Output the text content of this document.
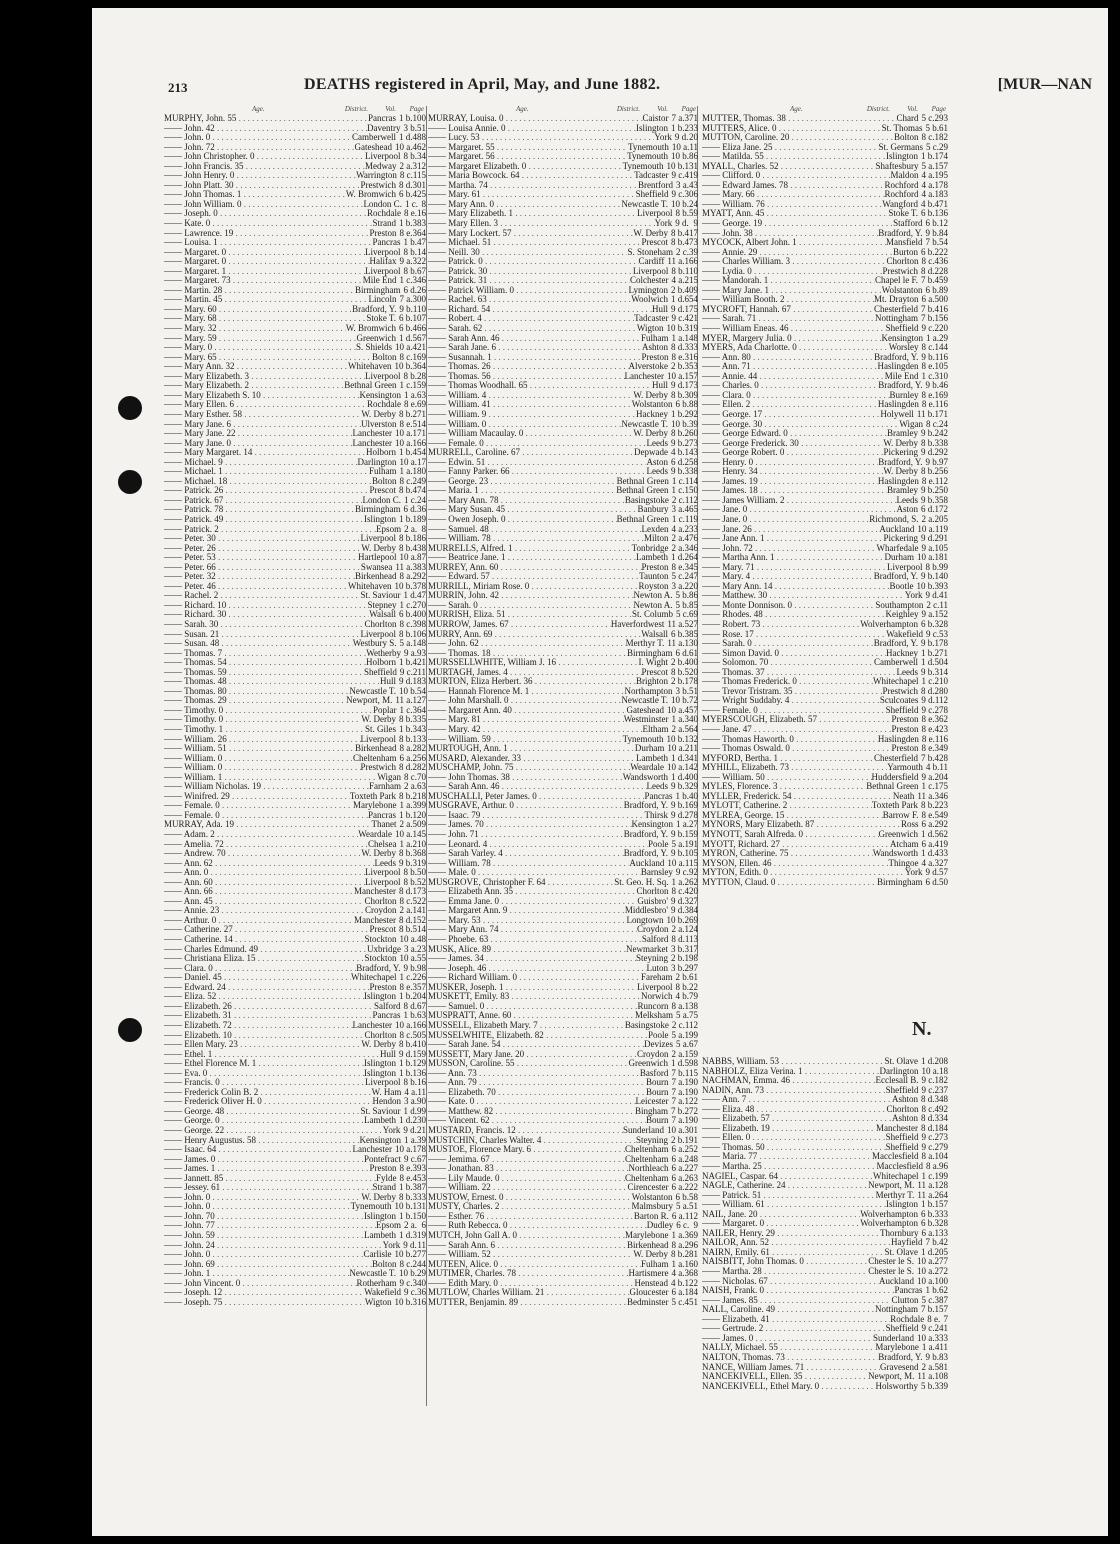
213	DEATHS registered in April, May, and June 1882.	[MUR—NAN
Age.	District. Vol. Page
MURPHY, John. 55 . . .	Pancras 1 b. 100
—— John. 42 . . .	Daventry 3 b. 51
—— John. 0 . . .	Camberwell 1 d. 488
—— John. 72 . . .	Gateshead 10 a. 462
—— John Christopher. 0 . . .	Liverpool 8 b. 34
—— John Francis. 35 . . .	Medway 2 a. 312
—— John Henry. 0 . . .	Warrington 8 c. 115
—— John Platt. 30 . . .	Prestwich 8 d. 301
—— John Thomas. 1 . . .	W. Bromwich 6 b. 425
—— John William. 0 . . .	London C. 1 c. 8
—— Joseph. 0 . . .	Rochdale 8 e. 16
—— Kate. 0 . . .	Strand 1 b. 383
—— Lawrence. 19 . . .	Preston 8 e. 364
—— Louisa. 1 . . .	Pancras 1 b. 47
—— Margaret. 0 . . .	Liverpool 8 b. 14
—— Margaret. 0 . . .	Halifax 9 a. 322
—— Margaret. 1 . . .	Liverpool 8 b. 67
—— Margaret. 73 . . .	Mile End 1 c. 346
—— Martin. 28 . . .	Birmingham 6 d. 26
—— Martin. 45 . . .	Lincoln 7 a. 300
—— Mary. 60 . . .	Bradford, Y. 9 b. 110
—— Mary. 68 . . .	Stoke T. 6 b. 107
—— Mary. 32 . . .	W. Bromwich 6 b. 466
—— Mary. 59 . . .	Greenwich 1 d. 567
—— Mary. 0 . . .	S. Shields 10 a. 421
—— Mary. 65 . . .	Bolton 8 c. 169
—— Mary Ann. 32 . . .	Whitehaven 10 b. 364
—— Mary Elizabeth. 3 . . .	Liverpool 8 b. 28
—— Mary Elizabeth. 2 . . .	Bethnal Green 1 c. 159
—— Mary Elizabeth S. 10 . . .	Kensington 1 a. 63
—— Mary Ellen. 6 . . .	Rochdale 8 e. 69
—— Mary Esther. 58 . . .	W. Derby 8 b. 271
—— Mary Jane. 6 . . .	Ulverston 8 e. 514
—— Mary Jane. 22 . . .	Lanchester 10 a. 171
—— Mary Jane. 0 . . .	Lanchester 10 a. 166
—— Mary Margaret. 14 . . .	Holborn 1 b. 454
—— Michael. 9 . . .	Darlington 10 a. 17
—— Michael. 1 . . .	Fulham 1 a. 180
—— Michael. 18 . . .	Bolton 8 c. 249
—— Patrick. 26 . . .	Prescot 8 b. 474
—— Patrick. 67 . . .	London C. 1 c. 24
—— Patrick. 78 . . .	Birmingham 6 d. 36
—— Patrick. 49 . . .	Islington 1 b. 189
—— Patrick. 2 . . .	Epsom 2 a. 8
—— Peter. 30 . . .	Liverpool 8 b. 186
—— Peter. 26 . . .	W. Derby 8 b. 438
—— Peter. 53 . . .	Hartlepool 10 a. 87
—— Peter. 66 . . .	Swansea 11 a. 383
—— Peter. 32 . . .	Birkenhead 8 a. 292
—— Peter. 46 . . .	Whitehaven 10 b. 378
—— Rachel. 2 . . .	St. Saviour 1 d. 47
—— Richard. 10 . . .	Stepney 1 c. 270
—— Richard. 30 . . .	Walsall 6 b. 400
—— Sarah. 30 . . .	Chorlton 8 c. 398
—— Susan. 21 . . .	Liverpool 8 b. 106
—— Susan. 48 . . .	Westbury S. 5 a. 148
—— Thomas. 7 . . .	Wetherby 9 a. 93
—— Thomas. 54 . . .	Holborn 1 b. 421
—— Thomas. 59 . . .	Sheffield 9 c. 211
—— Thomas. 48 . . .	Hull 9 d. 183
—— Thomas. 80 . . .	Newcastle T. 10 b. 54
—— Thomas. 29 . . .	Newport, M. 11 a. 127
—— Timothy. 0 . . .	Poplar 1 c. 364
—— Timothy. 0 . . .	W. Derby 8 b. 335
—— Timothy. 1 . . .	St. Giles 1 b. 343
—— William. 26 . . .	Liverpool 8 b. 133
—— William. 51 . . .	Birkenhead 8 a. 282
—— William. 0 . . .	Cheltenham 6 a. 256
—— William. 0 . . .	Prestwich 8 d. 282
—— William. 1 . . .	Wigan 8 c. 70
—— William Nicholas. 19 . . .	Farnham 2 a. 63
—— Winifred. 29 . . .	Toxteth Park 8 b. 218
—— Female. 0 . . .	Marylebone 1 a. 399
—— Female. 0 . . .	Pancras 1 b. 120
MURRAY, Ada. 19 . . .	Thanet 2 a. 509
—— Adam. 2 . . .	Weardale 10 a. 145
—— Amelia. 72 . . .	Chelsea 1 a. 210
—— Andrew. 70 . . .	W. Derby 8 b. 368
—— Ann. 62 . . .	Leeds 9 b. 319
—— Ann. 0 . . .	Liverpool 8 b. 50
—— Ann. 60 . . .	Liverpool 8 b. 52
—— Ann. 66 . . .	Manchester 8 d. 173
—— Ann. 45 . . .	Chorlton 8 c. 522
—— Annie. 23 . . .	Croydon 2 a. 141
—— Arthur. 0 . . .	Manchester 8 d. 152
—— Catherine. 27 . . .	Prescot 8 b. 514
—— Catherine. 14 . . .	Stockton 10 a. 48
—— Charles Edmund. 49 . . .	Uxbridge 3 a. 23
—— Christiana Eliza. 15 . . .	Stockton 10 a. 55
—— Clara. 0 . . .	Bradford, Y. 9 b. 98
—— Daniel. 45 . . .	Whitechapel 1 c. 226
—— Edward. 24 . . .	Preston 8 e. 357
—— Eliza. 52 . . .	Islington 1 b. 204
—— Elizabeth. 26 . . .	Salford 8 d. 67
—— Elizabeth. 31 . . .	Pancras 1 b. 63
—— Elizabeth. 72 . . .	Lanchester 10 a. 166
—— Elizabeth. 10 . . .	Chorlton 8 c. 505
—— Ellen Mary. 23 . . .	W. Derby 8 b. 410
—— Ethel. 1 . . .	Hull 9 d. 159
—— Ethel Florence M. 1 . . .	Islington 1 b. 129
—— Eva. 0 . . .	Islington 1 b. 136
—— Francis. 0 . . .	Liverpool 8 b. 16
—— Frederick Colin B. 2 . . .	W. Ham 4 a. 11
—— Frederick Oliver H. 0 . . .	Hendon 3 a. 90
—— George. 48 . . .	St. Saviour 1 d. 99
—— George. 0 . . .	Lambeth 1 d. 230
—— George. 22 . . .	York 9 d. 21
—— Henry Augustus. 58 . . .	Kensington 1 a. 39
—— Isaac. 64 . . .	Lanchester 10 a. 178
—— James. 0 . . .	Pontefract 9 c. 67
—— James. 1 . . .	Preston 8 e. 393
—— Jannett. 85 . . .	Fylde 8 e. 453
—— Jessey. 61 . . .	Strand 1 b. 387
—— John. 0 . . .	W. Derby 8 b. 333
—— John. 0 . . .	Tynemouth 10 b. 131
—— John. 70 . . .	Islington 1 b. 150
—— John. 77 . . .	Epsom 2 a. 6
—— John. 59 . . .	Lambeth 1 d. 319
—— John. 24 . . .	York 9 d. 11
—— John. 0 . . .	Carlisle 10 b. 277
—— John. 69 . . .	Bolton 8 c. 244
—— John. 1 . . .	Newcastle T. 10 b. 29
—— John Vincent. 0 . . .	Rotherham 9 c. 340
—— Joseph. 12 . . .	Wakefield 9 c. 36
—— Joseph. 75 . . .	Wigton 10 b. 316
Age.	District. Vol. Page
MURRAY, Louisa. 0 . . .	Caistor 7 a. 371
—— Louisa Annie. 0 . . .	Islington 1 b. 233
—— Lucy. 53 . . .	York 9 d. 20
—— Margaret. 55 . . .	Tynemouth 10 a. 11
—— Margaret. 56 . . .	Tynemouth 10 b. 86
—— Margaret Elizabeth. 0 . . .	Tynemouth 10 b. 131
—— Maria Bowcock. 64 . . .	Tadcaster 9 c. 419
—— Martha. 74 . . .	Brentford 3 a. 43
—— Mary. 61 . . .	Sheffield 9 c. 306
—— Mary Ann. 0 . . .	Newcastle T. 10 b. 24
—— Mary Elizabeth. 1 . . .	Liverpool 8 b. 59
—— Mary Ellen. 3 . . .	York 9 d. 9
—— Mary Lockert. 57 . . .	W. Derby 8 b. 417
—— Michael. 51 . . .	Prescot 8 b. 473
—— Neill. 30 . . .	S. Stoneham 2 c. 39
—— Patrick. 0 . . .	Cardiff 11 a. 166
—— Patrick. 30 . . .	Liverpool 8 b. 110
—— Patrick. 31 . . .	Colchester 4 a. 215
—— Patrick William. 0 . . .	Lymington 2 b. 409
—— Rachel. 63 . . .	Woolwich 1 d. 654
—— Richard. 54 . . .	Hull 9 d. 175
—— Robert. 4 . . .	Tadcaster 9 c. 421
—— Sarah. 62 . . .	Wigton 10 b. 319
—— Sarah Ann. 46 . . .	Fulham 1 a. 148
—— Sarah Jane. 6 . . .	Ashton 8 d. 333
—— Susannah. 1 . . .	Preston 8 e. 316
—— Thomas. 26 . . .	Alverstoke 2 b. 353
—— Thomas. 56 . . .	Lanchester 10 a. 157
—— Thomas Woodhall. 65 . . .	Hull 9 d. 173
—— William. 4 . . .	W. Derby 8 b. 309
—— William. 41 . . .	Wolstanton 6 b. 88
—— William. 9 . . .	Hackney 1 b. 292
—— William. 0 . . .	Newcastle T. 10 b. 39
—— William Macaulay. 0 . . .	W. Derby 8 b. 260
—— Female. 0 . . .	Leeds 9 b. 273
MURRELL, Caroline. 67 . . .	Depwade 4 b. 143
—— Edwin. 51 . . .	Aston 6 d. 258
—— Fanny Parker. 66 . . .	Leeds 9 b. 338
—— George. 23 . . .	Bethnal Green 1 c. 114
—— Maria. 1 . . .	Bethnal Green 1 c. 150
—— Mary Ann. 78 . . .	Basingstoke 2 c. 112
—— Mary Susan. 45 . . .	Banbury 3 a. 465
—— Owen Joseph. 0 . . .	Bethnal Green 1 c. 119
—— Samuel. 48 . . .	Lexden 4 a. 233
—— William. 78 . . .	Milton 2 a. 476
MURRELLS, Alfred. 1 . . .	Tonbridge 2 a. 346
—— Beatrice Jane. 1 . . .	Lambeth 1 d. 264
MURREY, Ann. 60 . . .	Preston 8 e. 345
—— Edward. 57 . . .	Taunton 5 c. 247
MURRILL, Miriam Rose. 0 . . .	Royston 3 a. 220
MURRIN, John. 42 . . .	Newton A. 5 b. 86
—— Sarah. 0 . . .	Newton A. 5 b. 85
MURRISH, Eliza. 51 . . .	St. Columb 5 c. 69
MURROW, James. 67 . . .	Haverfordwest 11 a. 527
MURRY, Ann. 69 . . .	Walsall 6 b. 385
—— John. 62 . . .	Merthyr T. 11 a. 130
—— Thomas. 18 . . .	Birmingham 6 d. 61
MURSSELLWHITE, William J. 16 . . .	I. Wight 2 b. 400
MURTAGH, James. 4 . . .	Prescot 8 b. 520
MURTON, Eliza Herbert. 36 . . .	Brighton 2 b. 178
—— Hannah Florence M. 1 . . .	Northampton 3 b. 51
—— John Marshall. 0 . . .	Newcastle T. 10 b. 72
—— Margaret Ann. 40 . . .	Gateshead 10 a. 457
—— Mary. 81 . . .	Westminster 1 a. 340
—— Mary. 42 . . .	Eltham 2 a. 564
—— William. 59 . . .	Tynemouth 10 b. 132
MURTOUGH, Ann. 1 . . .	Durham 10 a. 211
MUSARD, Alexander. 33 . . .	Lambeth 1 d. 341
MUSCHAMP, John. 75 . . .	Weardale 10 a. 142
—— John Thomas. 38 . . .	Wandsworth 1 d. 400
—— Sarah Ann. 46 . . .	Leeds 9 b. 329
MUSCHALLI, Peter James. 0 . . .	Pancras 1 b. 40
MUSGRAVE, Arthur. 0 . . .	Bradford, Y. 9 b. 169
—— Isaac. 79 . . .	Thirsk 9 d. 278
—— James. 70 . . .	Kensington 1 a. 27
—— John. 71 . . .	Bradford, Y. 9 b. 159
—— Leonard. 4 . . .	Poole 5 a. 191
—— Sarah Varley. 4 . . .	Bradford, Y. 9 b. 105
—— William. 78 . . .	Auckland 10 a. 115
—— Male. 0 . . .	Barnsley 9 c. 92
MUSGROVE, Christopher F. 64 . . .	St. Geo. H. Sq. 1 a. 262
—— Elizabeth Ann. 35 . . .	Chorlton 8 c. 420
—— Emma Jane. 0 . . .	Guisbro' 9 d. 327
—— Margaret Ann. 9 . . .	Middlesbro' 9 d. 384
—— Mary. 53 . . .	Longtown 10 b. 269
—— Mary Ann. 74 . . .	Croydon 2 a. 124
—— Phoebe. 63 . . .	Salford 8 d. 113
MUSK, Alice. 89 . . .	Newmarket 3 b. 317
—— James. 34 . . .	Steyning 2 b. 198
—— Joseph. 46 . . .	Luton 3 b. 297
—— Richard William. 0 . . .	Fareham 2 b. 61
MUSKER, Joseph. 1 . . .	Liverpool 8 b. 22
MUSKETT, Emily. 83 . . .	Norwich 4 b. 79
—— Samuel. 0 . . .	Runcorn 8 a. 138
MUSPRATT, Anne. 60 . . .	Melksham 5 a. 75
MUSSELL, Elizabeth Mary. 7 . . .	Basingstoke 2 c. 112
MUSSELWHITE, Elizabeth. 82 . . .	Poole 5 a. 199
—— Sarah Jane. 54 . . .	Devizes 5 a. 67
MUSSETT, Mary Jane. 20 . . .	Croydon 2 a. 159
MUSSON, Caroline. 55 . . .	Greenwich 1 d. 598
—— Ann. 73 . . .	Basford 7 b. 115
—— Ann. 79 . . .	Bourn 7 a. 190
—— Elizabeth. 70 . . .	Bourn 7 a. 190
—— Kate. 0 . . .	Leicester 7 a. 122
—— Matthew. 82 . . .	Bingham 7 b. 272
—— Vincent. 62 . . .	Bourn 7 a. 190
MUSTARD, Francis. 12 . . .	Sunderland 10 a. 301
MUSTCHIN, Charles Walter. 4 . . .	Steyning 2 b. 191
MUSTOE, Florence Mary. 6 . . .	Cheltenham 6 a. 252
—— Jemima. 67 . . .	Cheltenham 6 a. 248
—— Jonathan. 83 . . .	Northleach 6 a. 227
—— Lily Maude. 0 . . .	Cheltenham 6 a. 263
—— William. 22 . . .	Cirencester 6 a. 222
MUSTOW, Ernest. 0 . . .	Wolstanton 6 b. 58
MUSTY, Charles. 2 . . .	Malmsbury 5 a. 51
—— Esther. 76 . . .	Barton R. 6 a. 112
—— Ruth Rebecca. 0 . . .	Dudley 6 c. 9
MUTCH, John Gall A. 0 . . .	Marylebone 1 a. 369
—— Sarah Ann. 6 . . .	Birkenhead 8 a. 296
—— William. 52 . . .	W. Derby 8 b. 281
MUTEEN, Alice. 0 . . .	Fulham 1 a. 160
MUTIMER, Charles. 78 . . .	Hartismere 4 a. 368
—— Edith Mary. 0 . . .	Henstead 4 b. 122
MUTLOW, Charles William. 21 . . .	Gloucester 6 a. 184
MUTTER, Benjamin. 89 . . .	Bedminster 5 c. 451
Age.	District. Vol. Page
MUTTER, Thomas. 38 . . .	Chard 5 c. 293
MUTTERS, Alice. 0 . . .	St. Thomas 5 b. 61
MUTTON, Caroline. 20 . . .	Bolton 8 c. 182
—— Eliza Jane. 25 . . .	St. Germans 5 c. 29
—— Matilda. 55 . . .	Islington 1 b. 174
MYALL, Charles. 52 . . .	Shaftesbury 5 a. 157
—— Clifford. 0 . . .	Maldon 4 a. 195
—— Edward James. 78 . . .	Rochford 4 a. 178
—— Mary. 66 . . .	Rochford 4 a. 183
—— William. 76 . . .	Wangford 4 b. 471
MYATT, Ann. 45 . . .	Stoke T. 6 b. 136
—— George. 19 . . .	Stafford 6 b. 12
—— John. 38 . . .	Bradford, Y. 9 b. 84
MYCOCK, Albert John. 1 . . .	Mansfield 7 b. 54
—— Annie. 29 . . .	Burton 6 b. 222
—— Charles William. 3 . . .	Chorlton 8 c. 436
—— Lydia. 0 . . .	Prestwich 8 d. 228
—— Mandorah. 1 . . .	Chapel le F. 7 b. 459
—— Mary Jane. 1 . . .	Wolstanton 6 b. 89
—— William Booth. 2 . . .	Mt. Drayton 6 a. 500
MYCROFT, Hannah. 67 . . .	Chesterfield 7 b. 416
—— Sarah. 71 . . .	Nottingham 7 b. 156
—— William Eneas. 46 . . .	Sheffield 9 c. 220
MYER, Margery Julia. 0 . . .	Kensington 1 a. 29
MYERS, Ada Charlotte. 0 . . .	Worsley 8 c. 144
—— Ann. 80 . . .	Bradford, Y. 9 b. 116
—— Ann. 71 . . .	Haslingden 8 e. 105
—— Annie. 44 . . .	Mile End 1 c. 310
—— Charles. 0 . . .	Bradford, Y. 9 b. 46
—— Clara. 0 . . .	Burnley 8 e. 169
—— Ellen. 2 . . .	Haslingden 8 e. 116
—— George. 17 . . .	Holywell 11 b. 171
—— George. 30 . . .	Wigan 8 c. 24
—— George Edward. 0 . . .	Bramley 9 b. 242
—— George Frederick. 30 . . .	W. Derby 8 b. 338
—— George Robert. 0 . . .	Pickering 9 d. 292
—— Henry. 0 . . .	Bradford, Y. 9 b. 97
—— Henry. 34 . . .	W. Derby 8 b. 256
—— James. 19 . . .	Haslingden 8 e. 112
—— James. 18 . . .	Bramley 9 b. 250
—— James William. 2 . . .	Leeds 9 b. 358
—— Jane. 0 . . .	Aston 6 d. 172
—— Jane. 0 . . .	Richmond, S. 2 a. 205
—— Jane. 26 . . .	Auckland 10 a. 119
—— Jane Ann. 1 . . .	Pickering 9 d. 291
—— John. 72 . . .	Wharfedale 9 a. 105
—— Martha Ann. 1 . . .	Durham 10 a. 181
—— Mary. 71 . . .	Liverpool 8 b. 99
—— Mary. 4 . . .	Bradford, Y. 9 b. 140
—— Mary Ann. 14 . . .	Bootle 10 b. 393
—— Matthew. 30 . . .	York 9 d. 41
—— Monte Donnison. 0 . . .	Southampton 2 c. 11
—— Rhodes. 48 . . .	Keighley 9 a. 152
—— Robert. 73 . . .	Wolverhampton 6 b. 328
—— Rose. 17 . . .	Wakefield 9 c. 53
—— Sarah. 0 . . .	Bradford, Y. 9 b. 178
—— Simon David. 0 . . .	Hackney 1 b. 271
—— Solomon. 70 . . .	Camberwell 1 d. 504
—— Thomas. 37 . . .	Leeds 9 b. 314
—— Thomas Frederick. 0 . . .	Whitechapel 1 c. 210
—— Trevor Tristram. 35 . . .	Prestwich 8 d. 280
—— Wright Suddaby. 4 . . .	Sculcoates 9 d. 112
—— Female. 0 . . .	Sheffield 9 c. 278
MYERSCOUGH, Elizabeth. 57 . . .	Preston 8 e. 362
—— Jane. 47 . . .	Preston 8 e. 423
—— Thomas Haworth. 0 . . .	Haslingden 8 e. 116
—— Thomas Oswald. 0 . . .	Preston 8 e. 349
MYFORD, Bertha. 1 . . .	Chesterfield 7 b. 428
MYHILL, Elizabeth. 73 . . .	Yarmouth 4 b. 11
—— William. 50 . . .	Huddersfield 9 a. 204
MYLES, Florence. 3 . . .	Bethnal Green 1 c. 175
MYLLER, Frederick. 54 . . .	Neath 11 a. 346
MYLOTT, Catherine. 2 . . .	Toxteth Park 8 b. 223
MYLREA, George. 15 . . .	Barrow F. 8 e. 549
MYNORS, Mary Elizabeth. 87 . . .	Ross 6 a. 292
MYNOTT, Sarah Alfreda. 0 . . .	Greenwich 1 d. 562
MYOTT, Richard. 27 . . .	Atcham 6 a. 419
MYRON, Catherine. 75 . . .	Wandsworth 1 d. 433
MYSON, Ellen. 46 . . .	Thingoe 4 a. 327
MYTON, Edith. 0 . . .	York 9 d. 57
MYTTON, Claud. 0 . . .	Birmingham 6 d. 50
N.
NABBS, William. 53 . . .	St. Olave 1 d. 208
NABHOLZ, Eliza Verina. 1 . . .	Darlington 10 a. 18
NACHMAN, Emma. 46 . . .	Ecclesall B. 9 c. 182
NADIN, Ann. 73 . . .	Sheffield 9 c. 237
—— Ann. 7 . . .	Ashton 8 d. 348
—— Eliza. 48 . . .	Chorlton 8 c. 492
—— Elizabeth. 57 . . .	Ashton 8 d. 334
—— Elizabeth. 19 . . .	Manchester 8 d. 184
—— Ellen. 0 . . .	Sheffield 9 c. 273
—— Thomas. 50 . . .	Sheffield 9 c. 279
—— Maria. 77 . . .	Macclesfield 8 a. 104
—— Martha. 25 . . .	Macclesfield 8 a. 96
NAGIEL, Caspar. 64 . . .	Whitechapel 1 c. 199
NAGLE, Catherine. 24 . . .	Newport, M. 11 a. 128
—— Patrick. 51 . . .	Merthyr T. 11 a. 264
—— William. 61 . . .	Islington 1 b. 157
NAIL, Jane. 20 . . .	Wolverhampton 6 b. 333
—— Margaret. 0 . . .	Wolverhampton 6 b. 328
NAILER, Henry. 29 . . .	Thornbury 6 a. 133
NAILOR, Ann. 52 . . .	Hayfield 7 b. 42
NAIRN, Emily. 61 . . .	St. Olave 1 d. 205
NAISBITT, John Thomas. 0 . . .	Chester le S. 10 a. 277
—— Martha. 28 . . .	Chester le S. 10 a. 272
—— Nicholas. 67 . . .	Auckland 10 a. 100
NAISH, Frank. 0 . . .	Pancras 1 b. 62
—— James. 85 . . .	Clutton 5 c. 387
NALL, Caroline. 49 . . .	Nottingham 7 b. 157
—— Elizabeth. 41 . . .	Rochdale 8 e. 7
—— Gertrude. 2 . . .	Sheffield 9 c. 241
—— James. 0 . . .	Sunderland 10 a. 333
NALLY, Michael. 55 . . .	Marylebone 1 a. 411
NALTON, Thomas. 73 . . .	Bradford, Y. 9 b. 83
NANCE, William James. 71 . . .	Gravesend 2 a. 581
NANCEKIVELL, Ellen. 35 . . .	Newport, M. 11 a. 108
NANCEKIVELL, Ethel Mary. 0 . . .	Holsworthy 5 b. 339
